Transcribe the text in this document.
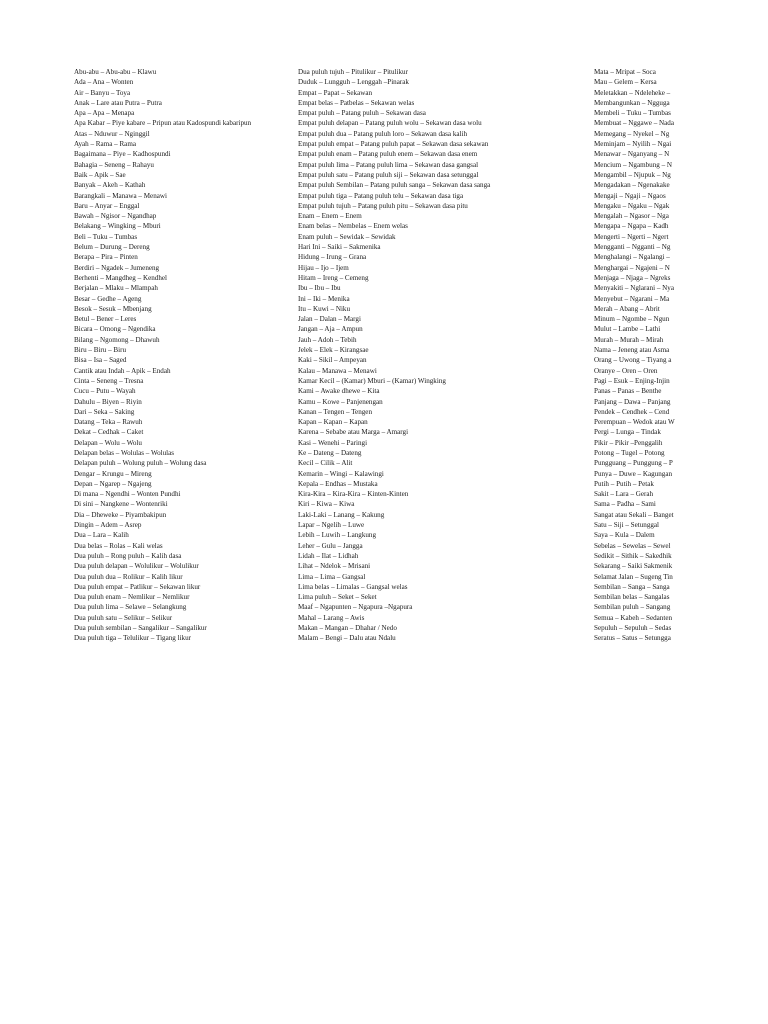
Abu-abu – Abu-abu – Klawu
Ada – Ana – Wonten
Air – Banyu – Toya
Anak – Lare atau Putra – Putra
Apa – Apa – Menapa
Apa Kabar – Piye kabare – Pripun atau Kadospundi kabaripun
Atas – Nduwur – Nginggil
Ayah – Rama – Rama
Bagaimana – Piye – Kadhospundi
Bahagia – Seneng – Rahayu
Baik – Apik – Sae
Banyak – Akeh – Kathah
Barangkali – Manawa – Menawi
Baru – Anyar – Enggal
Bawah – Ngisor – Ngandhap
Belakang – Wingking – Mburi
Beli – Tuku – Tumbas
Belum – Durung – Dereng
Berapa – Pira – Pinten
Berdiri – Ngadek – Jumeneng
Berhenti – Mangdheg – Kendhel
Berjalan – Mlaku – Mlampah
Besar – Gedhe – Ageng
Besok – Sesuk – Mbenjang
Betul – Bener – Leres
Bicara – Omong – Ngendika
Bilang – Ngomong – Dhawuh
Biru – Biru – Biru
Bisa – Isa – Saged
Cantik atau Indah – Apik – Endah
Cinta – Seneng – Tresna
Cucu – Putu – Wayah
Dahulu – Biyen – Riyin
Dari – Seka – Saking
Datang – Teka – Rawuh
Dekat – Cedhak – Caket
Delapan – Wolu – Wolu
Delapan belas – Wolulas – Wolulas
Delapan puluh – Wolung puluh – Wolung dasa
Dengar – Krungu – Mireng
Depan – Ngarep – Ngajeng
Di mana – Ngendhi – Wonten Pundhi
Di sini – Nangkene – Wontenriki
Dia – Dheweke – Piyambakipun
Dingin – Adem – Asrep
Dua – Lara – Kalih
Dua belas – Rolas – Kali welas
Dua puluh – Rong puluh – Kalih dasa
Dua puluh delapan – Wolulikur – Wolulikur
Dua puluh dua – Rolikur – Kalih likur
Dua puluh empat – Patlikur – Sekawan likur
Dua puluh enam – Nemlikur – Nemlikur
Dua puluh lima – Selawe – Selangkung
Dua puluh satu – Selikur – Selikur
Dua puluh sembilan – Sangalikur – Sangalikur
Dua puluh tiga – Telulikur – Tigang likur
Dua puluh tujuh – Pitulikur – Pitulikur
Duduk – Lungguh – Lenggah –Pinarak
Empat – Papat – Sekawan
Empat belas – Patbelas – Sekawan welas
Empat puluh – Patang puluh – Sekawan dasa
Empat puluh delapan – Patang puluh wolu – Sekawan dasa wolu
Empat puluh dua – Patang puluh loro – Sekawan dasa kalih
Empat puluh empat – Patang puluh papat – Sekawan dasa sekawan
Empat puluh enam – Patang puluh enem – Sekawan dasa enem
Empat puluh lima – Patang puluh lima – Sekawan dasa gangsal
Empat puluh satu – Patang puluh siji – Sekawan dasa setunggal
Empat puluh Sembilan – Patang puluh sanga – Sekawan dasa sanga
Empat puluh tiga – Patang puluh telu – Sekawan dasa tiga
Empat puluh tujuh – Patang puluh pitu – Sekawan dasa pitu
Enam – Enem – Enem
Enam belas – Nembelas – Enem welas
Enam puluh – Sewidak – Sewidak
Hari Ini – Saiki – Sakmenika
Hidung – Irung – Grana
Hijau – Ijo – Ijem
Hitam – Ireng – Cemeng
Ibu – Ibu – Ibu
Ini – Iki – Menika
Itu – Kuwi – Niku
Jalan – Dalan – Margi
Jangan – Aja – Ampun
Jauh – Adoh – Tebih
Jelek – Elek – Kirangsae
Kaki – Sikil – Ampeyan
Kalau – Manawa – Menawi
Kamar Kecil – (Kamar) Mburi – (Kamar) Wingking
Kami – Awake dhewe – Kita
Kamu – Kowe – Panjenengan
Kanan – Tengen – Tengen
Kapan – Kapan – Kapan
Karena – Sebabe atau Marga – Amargi
Kasi – Wenehi – Paringi
Ke – Dateng – Dateng
Kecil – Cilik – Alit
Kemarin – Wingi – Kalawingi
Kepala – Endhas – Mustaka
Kira-Kira – Kira-Kira – Kinten-Kinten
Kiri – Kiwa – Kiwa
Laki-Laki – Lanang – Kakung
Lapar – Ngelih – Luwe
Lebih – Luwih – Langkung
Leher – Gulu – Jangga
Lidah – Ilat – Lidhah
Lihat – Ndelok – Mrisani
Lima – Lima – Gangsal
Lima belas – Limalas – Gangsal welas
Lima puluh – Seket – Seket
Maaf – Ngapunten – Ngapura –Ngapura
Mahal – Larang – Awis
Makan – Mangan – Dhahar / Nedo
Malam – Bengi – Dalu atau Ndalu
Mata – Mripat – Soca
Mau – Gelem – Kersa
Meletakkan – Ndeleheke –
Membangunkan – Ngguga
Membeli – Tuku – Tumbas
Membuat – Nggawe – Nada
Memegang – Nyekel – Ng
Meminjam – Nyilih – Ngai
Menawar – Nganyang – N
Mencium – Ngambung – N
Mengambil – Njupuk – Ng
Mengadakan – Ngenakake
Mengaji – Ngaji – Ngaos
Mengaku – Ngaku – Ngak
Mengalah – Ngasor – Nga
Mengapa – Ngapa – Kadh
Mengerti – Ngerti – Ngert
Mengganti – Ngganti – Ng
Menghalangi – Ngalangi –
Menghargai – Ngajeni – N
Menjaga – Njaga – Ngreks
Menyakiti – Nglarani – Nya
Menyebut – Ngarani – Ma
Merah – Abang – Abrit
Minum – Ngombe – Ngun
Mulut – Lambe – Lathi
Murah – Murah – Mirah
Nama – Jeneng atau Asma
Orang – Uwong – Tiyang a
Oranye – Oren – Oren
Pagi – Esuk – Enjing-Injin
Panas – Panas – Benthe
Panjang – Dawa – Panjang
Pendek – Cendhek – Cend
Perempuan – Wedok atau W
Pergi – Lunga – Tindak
Pikir – Pikir –Penggalih
Potong – Tugel – Potong
Pungguang – Punggung – P
Punya – Duwe – Kagungan
Putih – Putih – Petak
Sakit – Lara – Gerah
Sama – Padha – Sami
Sangat atau Sekali – Banget
Satu – Siji – Setunggal
Saya – Kula – Dalem
Sebelas – Sewelas – Sewel
Sedikit – Sithik – Sakedhik
Sekarang – Saiki Sakmenik
Selamat Jalan – Sugeng Tin
Sembilan – Sanga – Sanga
Sembilan belas – Sangalas
Sembilan puluh – Sangang
Semua – Kabeh – Sedanten
Sepuluh – Sepuluh – Sedas
Seratus – Satus – Setungga
